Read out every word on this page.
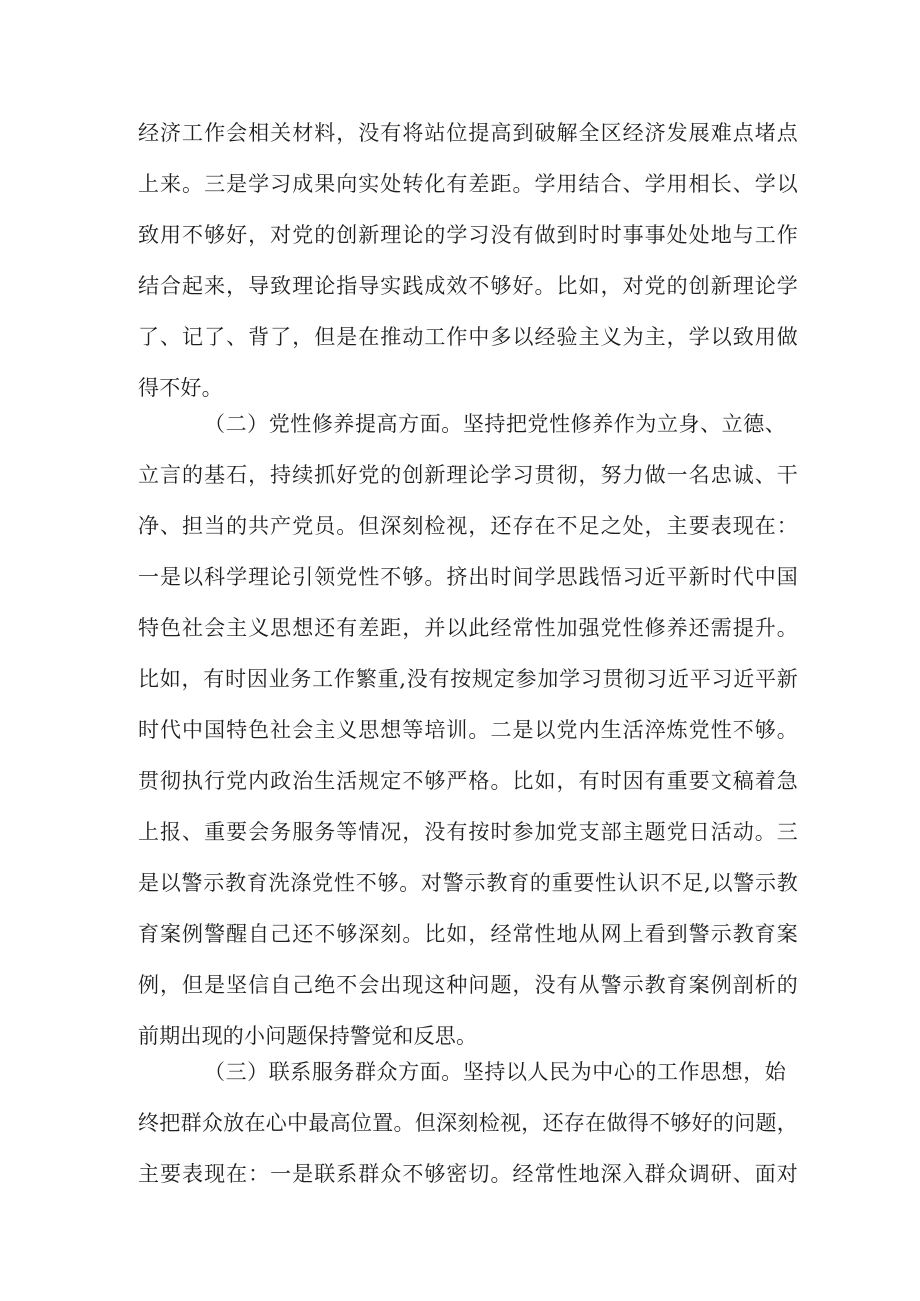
经济工作会相关材料，没有将站位提高到破解全区经济发展难点堵点
上来。三是学习成果向实处转化有差距。学用结合、学用相长、学以
致用不够好，对党的创新理论的学习没有做到时时事事处处地与工作
结合起来，导致理论指导实践成效不够好。比如，对党的创新理论学
了、记了、背了，但是在推动工作中多以经验主义为主，学以致用做
得不好。
（二）党性修养提高方面。坚持把党性修养作为立身、立德、
立言的基石，持续抓好党的创新理论学习贯彻，努力做一名忠诚、干
净、担当的共产党员。但深刻检视，还存在不足之处，主要表现在：
一是以科学理论引领党性不够。挤出时间学思践悟习近平新时代中国
特色社会主义思想还有差距，并以此经常性加强党性修养还需提升。
比如，有时因业务工作繁重,没有按规定参加学习贯彻习近平习近平新
时代中国特色社会主义思想等培训。二是以党内生活淬炼党性不够。
贯彻执行党内政治生活规定不够严格。比如，有时因有重要文稿着急
上报、重要会务服务等情况，没有按时参加党支部主题党日活动。三
是以警示教育洗涤党性不够。对警示教育的重要性认识不足,以警示教
育案例警醒自己还不够深刻。比如，经常性地从网上看到警示教育案
例，但是坚信自己绝不会出现这种问题，没有从警示教育案例剖析的
前期出现的小问题保持警觉和反思。
（三）联系服务群众方面。坚持以人民为中心的工作思想，始
终把群众放在心中最高位置。但深刻检视，还存在做得不够好的问题，
主要表现在：一是联系群众不够密切。经常性地深入群众调研、面对
